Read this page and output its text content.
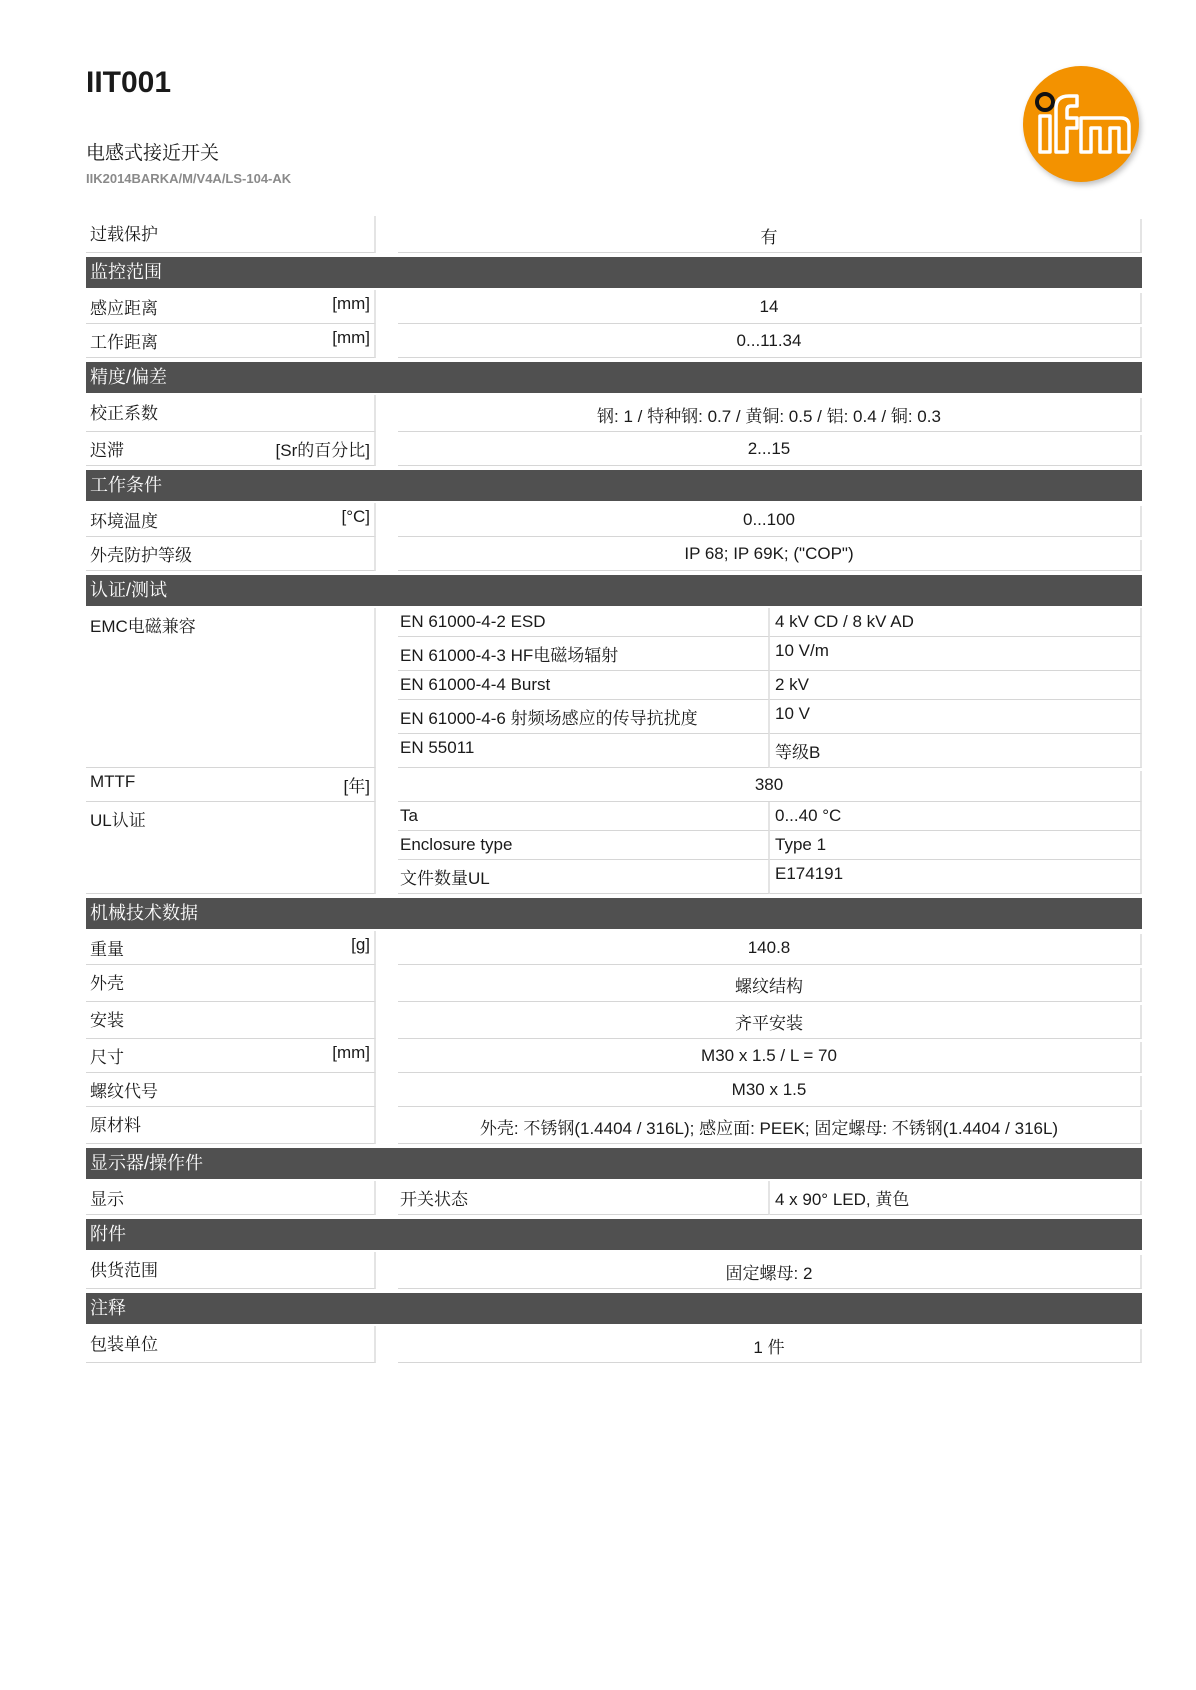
IIT001
电感式接近开关
IIK2014BARKA/M/V4A/LS-104-AK
过载保护	有
监控范围
感应距离	[mm]	14
工作距离	[mm]	0...11.34
精度/偏差
校正系数	钢: 1 / 特种钢: 0.7 / 黄铜: 0.5 / 铝: 0.4 / 铜: 0.3
迟滞	[Sr的百分比]	2...15
工作条件
环境温度	[°C]	0...100
外壳防护等级	IP 68; IP 69K; ("COP")
认证/测试
EMC电磁兼容	EN 61000-4-2 ESD	4 kV CD / 8 kV AD
EN 61000-4-3 HF电磁场辐射	10 V/m
EN 61000-4-4 Burst	2 kV
EN 61000-4-6 射频场感应的传导抗扰度	10 V
EN 55011	等级B
MTTF	[年]	380
UL认证	Ta	0...40 °C
Enclosure type	Type 1
文件数量UL	E174191
机械技术数据
重量	[g]	140.8
外壳	螺纹结构
安装	齐平安装
尺寸	[mm]	M30 x 1.5 / L = 70
螺纹代号	M30 x 1.5
原材料	外壳: 不锈钢(1.4404 / 316L); 感应面: PEEK; 固定螺母: 不锈钢(1.4404 / 316L)
显示器/操作件
显示	开关状态	4 x 90° LED, 黄色
附件
供货范围	固定螺母: 2
注释
包装单位	1 件
